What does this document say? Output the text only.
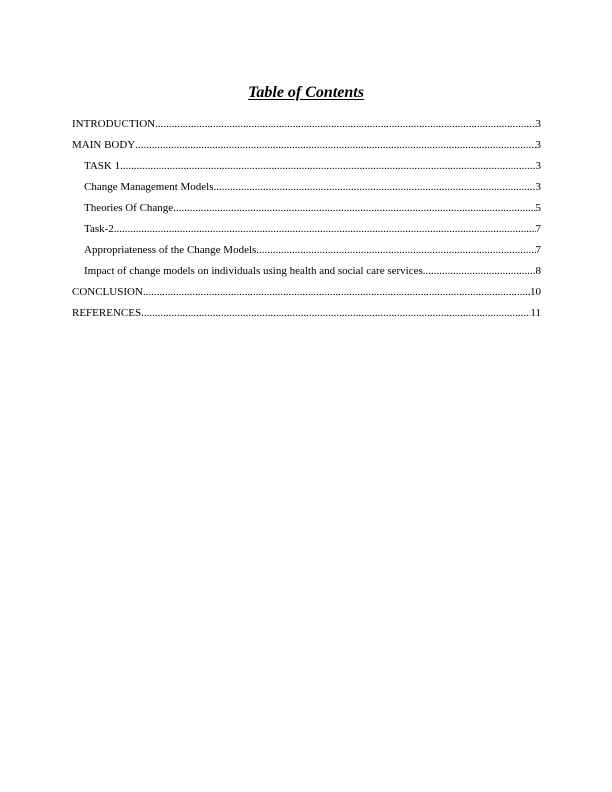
Table of Contents
INTRODUCTION .....	3
MAIN BODY .....	3
TASK 1 .....	3
Change Management Models .....	3
Theories Of Change .....	5
Task-2 .....	7
Appropriateness of the Change Models .....	7
Impact of change models on individuals using health and social care services .....	8
CONCLUSION .....	10
REFERENCES .....	11
